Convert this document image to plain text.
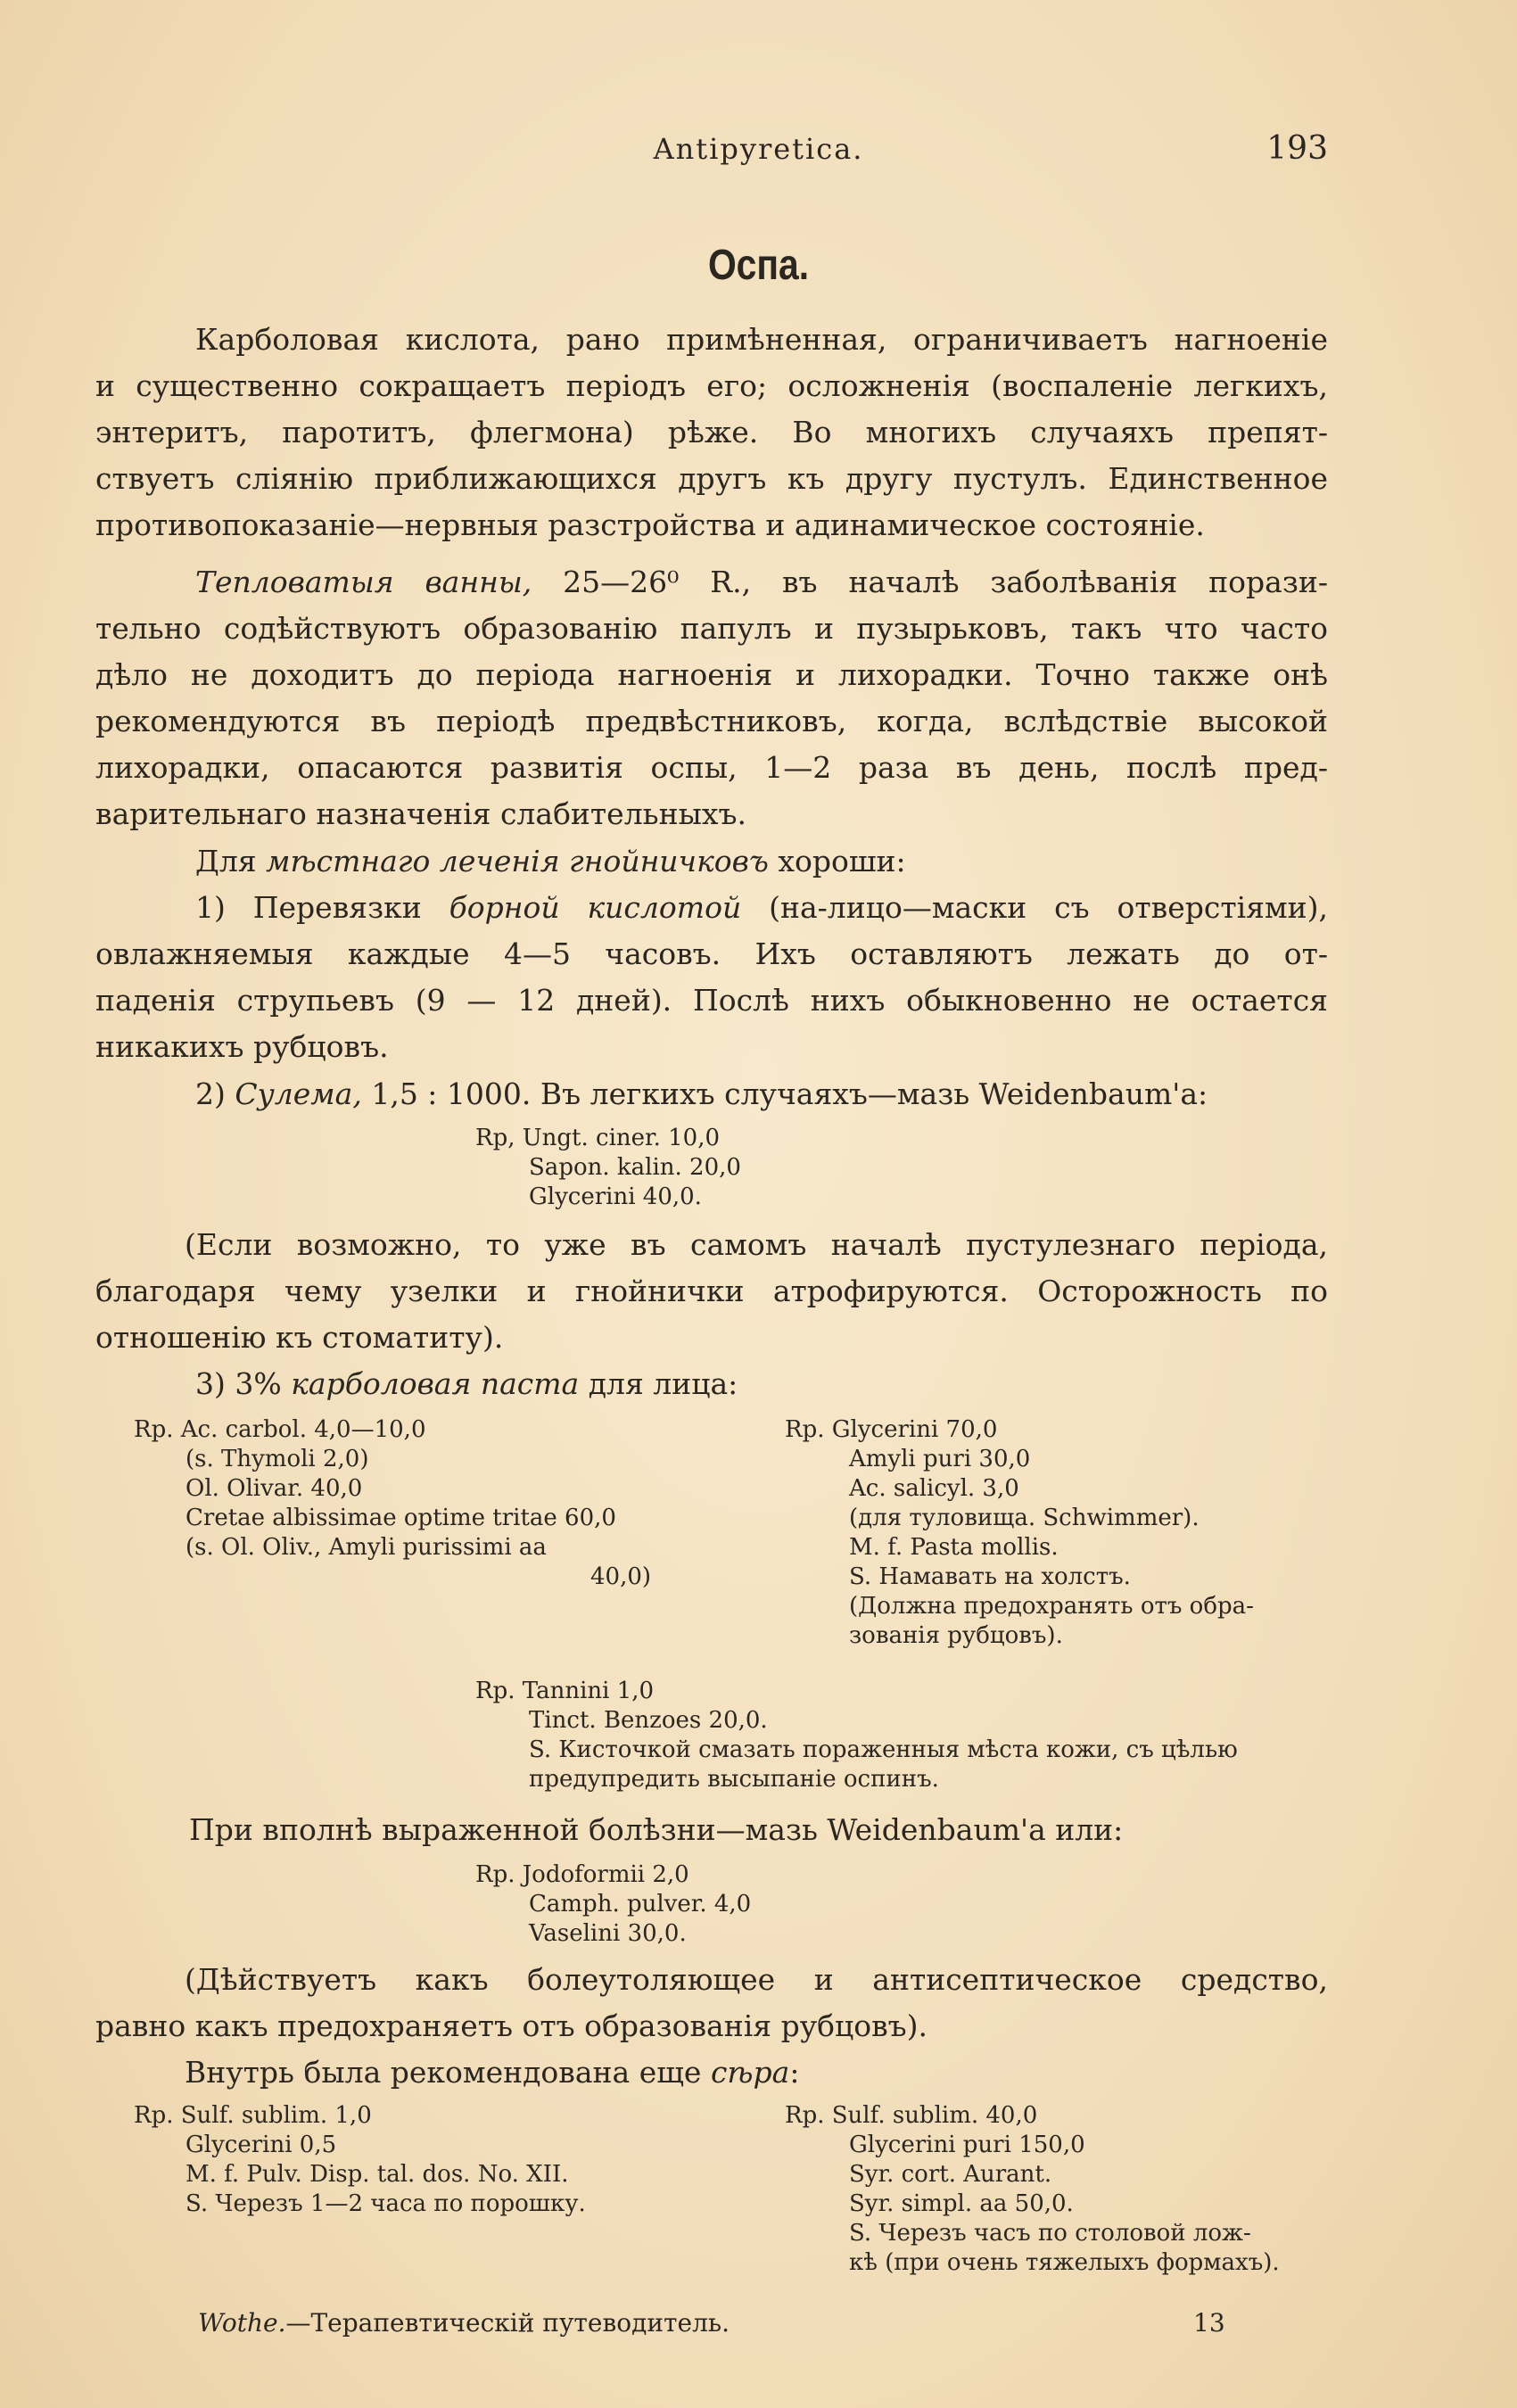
Antipyretica.	193
Оспа.

Карболовая кислота, рано примѣненная, ограничиваетъ нагноеніе

и существенно сокращаетъ періодъ его; осложненія (воспаленіе легкихъ,

энтеритъ, паротитъ, флегмона) рѣже. Во многихъ случаяхъ препят-

ствуетъ сліянію приближающихся другъ къ другу пустулъ. Единственное

противопоказаніе—нервныя разстройства и адинамическое состояніе.

Тепловатыя ванны, 25—26⁰ R., въ началѣ заболѣванія порази-

тельно содѣйствуютъ образованію папулъ и пузырьковъ, такъ что часто

дѣло не доходитъ до періода нагноенія и лихорадки. Точно также онѣ

рекомендуются въ періодѣ предвѣстниковъ, когда, вслѣдствіе высокой

лихорадки, опасаются развитія оспы, 1—2 раза въ день, послѣ пред-

варительнаго назначенія слабительныхъ.

Для мѣстнаго леченія гнойничковъ хороши:

1) Перевязки борной кислотой (на-лицо—маски съ отверстіями),

овлажняемыя каждые 4—5 часовъ. Ихъ оставляютъ лежать до от-

паденія струпьевъ (9 — 12 дней). Послѣ нихъ обыкновенно не остается

никакихъ рубцовъ.

2) Сулема, 1,5 : 1000. Въ легкихъ случаяхъ—мазь Weidenbaum'а:

Rp, Ungt. ciner. 10,0
Sapon. kalin. 20,0
Glycerini 40,0.

(Если возможно, то уже въ самомъ началѣ пустулезнаго періода,

благодаря чему узелки и гнойнички атрофируются. Осторожность по

отношенію къ стоматиту).

3) 3% карболовая паста для лица:

Rp. Ac. carbol. 4,0—10,0
(s. Thymoli 2,0)
Ol. Olivar. 40,0
Cretae albissimae optime tritae 60,0
(s. Ol. Oliv., Amyli purissimi aa
40,0)
Rp. Glycerini 70,0
Amyli puri 30,0
Ac. salicyl. 3,0
(для туловища. Schwimmer).
M. f. Pasta mollis.
S. Намавать на холстъ.
(Должна предохранять отъ обра-
зованія рубцовъ).
Rp. Tannini 1,0
Tinct. Benzoes 20,0.
S. Кисточкой смазать пораженныя мѣста кожи, съ цѣлью
предупредить высыпаніе оспинъ.

При вполнѣ выраженной болѣзни—мазь Weidenbaum'a или:

Rp. Jodoformii 2,0
Camph. pulver. 4,0
Vaselini 30,0.

(Дѣйствуетъ какъ болеутоляющее и антисептическое средство,

равно какъ предохраняетъ отъ образованія рубцовъ).

Внутрь была рекомендована еще сѣра:

Rp. Sulf. sublim. 1,0
Glycerini 0,5
M. f. Pulv. Disp. tal. dos. No. XII.
S. Черезъ 1—2 часа по порошку.
Rp. Sulf. sublim. 40,0
Glycerini puri 150,0
Syr. cort. Aurant.
Syr. simpl. aa 50,0.
S. Черезъ часъ по столовой лож-
кѣ (при очень тяжелыхъ формахъ).
Wothe.—Терапевтическій путеводитель.	13
